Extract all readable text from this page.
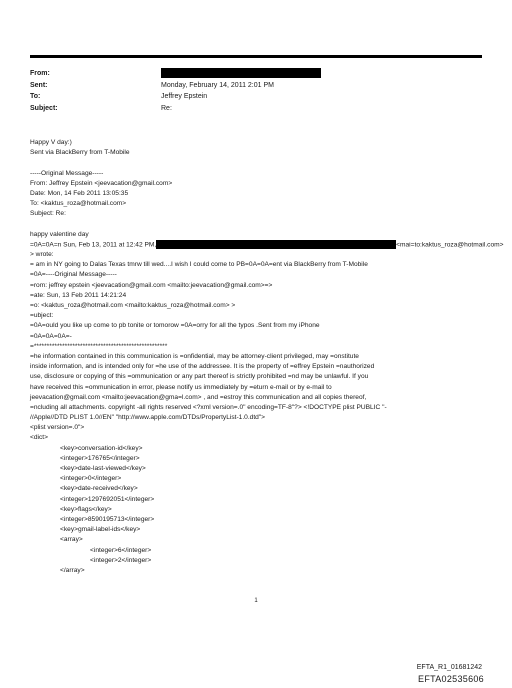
From:
Sent:	Monday, February 14, 2011 2:01 PM
To:	Jeffrey Epstein
Subject:	Re:
Happy V day:)
Sent via BlackBerry from T-Mobile
-----Original Message-----
From: Jeffrey Epstein <jeevacation@gmail.com>
Date: Mon, 14 Feb 2011 13:05:35
To: <kaktus_roza@hotmail.com>
Subject: Re:
happy valentine day
=0A=0A=n Sun, Feb 13, 2011 at 12:42 PM,	<mai=to:kaktus_roza@hotmail.com>
> wrote:
= am in NY going to Dalas Texas tmrw till wed....I wish I could come to PB=0A=0A=ent via BlackBerry from T-Mobile
=0A=----Original Message-----
=rom: jeffrey epstein <jeevacation@gmail.com <mailto:jeevacation@gmail.com>=>
=ate: Sun, 13 Feb 2011 14:21:24
=o: <kaktus_roza@hotmail.com <mailto:kaktus_roza@hotmail.com> >
=ubject:
=0A=ould you like up come to pb tonite or tomorow =0A=orry for all the typos .Sent from my iPhone
=0A=0A=0A=-
=****************************************************
=he information contained in this communication is =onfidential, may be attorney-client privileged, may =onstitute
inside information, and is intended only for =he use of the addressee. It is the property of =effrey Epstein =nauthorized
use, disclosure or copying of this =ommunication or any part thereof is strictly prohibited =nd may be unlawful. If you
have received this =ommunication in error, please notify us immediately by =eturn e-mail or by e-mail to
jeevacation@gmail.com <mailto:jeevacation@gma=l.com> , and =estroy this communication and all copies thereof,
=ncluding all attachments. copyright -all rights reserved <?xml version=.0" encoding=TF-8"?> <!DOCTYPE plist PUBLIC "-
//Apple//DTD PLIST 1.0//EN" "http://www.apple.com/DTDs/PropertyList-1.0.dtd">
<plist version=.0">
<dict>
<key>conversation-id</key>
<integer>176765</integer>
<key>date-last-viewed</key>
<integer>0</integer>
<key>date-received</key>
<integer>1297692051</integer>
<key>flags</key>
<integer>8590195713</integer>
<key>gmail-label-ids</key>
<array>
<integer>6</integer>
<integer>2</integer>
</array>
1
EFTA_R1_01681242
EFTA02535606
